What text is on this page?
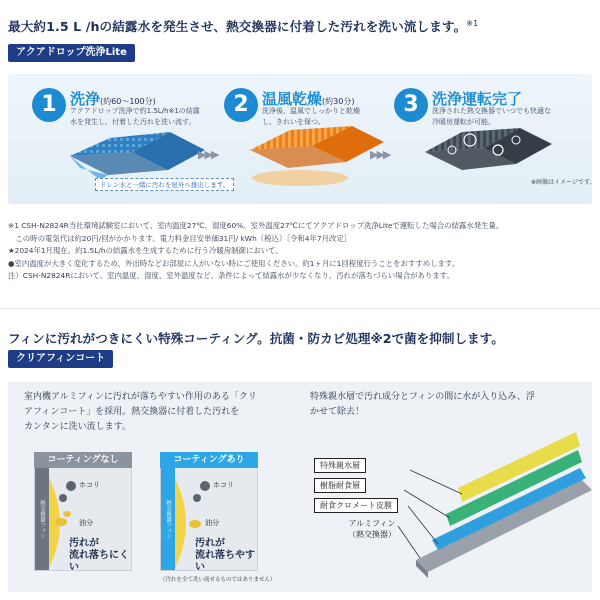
最大約1.5 L /hの結露水を発生させ、熱交換器に付着した汚れを洗い流します。$^{※1}$
アクアドロップ洗浄Lite
1 洗浄(約60〜100分)
アクアドロップ洗浄で約1.5L/h※1の結露水を発生し、付着した汚れを洗い流す。
2 温風乾燥(約30分)
洗浄後、温風でしっかりと乾燥し、きれいを保つ。
3 洗浄運転完了
洗浄された熱交換器でいつでも快適な冷暖房運転が可能。
▶▶▶	▶▶▶
ドレン水と一緒に汚れを屋外へ排出します。	※画像はイメージです。
※1 CSH-N2824R当社環境試験室において、室内温度27℃、湿度60%、室外温度27℃にてアクアドロップ洗浄Liteで運転した場合の結露水発生量。
　この時の電気代は約20円/回がかかります。電力料金目安単価31円/ kWh（税込）［令和4年7月改定］
★2024年1月現在。約1.5L/hの結露水を生成するために行う冷暖房制御において。
●室内温度が大きく変化するため、外出時などお部屋に人がいない時にご使用ください。約1ヶ月に1回程度行うことをおすすめします。
注）CSH-N2824Rにおいて。室内温度、湿度、室外温度など、条件によって結露水が少なくなり、汚れが落ちづらい場合があります。
フィンに汚れがつきにくい特殊コーティング。抗菌・防カビ処理※2で菌を抑制します。
クリアフィンコート
室内機アルミフィンに汚れが落ちやすい作用のある「クリ
アフィンコート」を採用。熱交換器に付着した汚れを
カンタンに洗い流します。
特殊親水層で汚れ成分とフィンの間に水が入り込み、浮
かせて除去！
コーティングなし
熱交換器フィン
ホコリ
油分
汚れが
流れ落ちにくい
コーティングあり
熱交換器フィン
ホコリ
油分
汚れが
流れ落ちやすい
（汚れを全て洗い流せるものではありません）
特殊親水層
樹脂耐食層
耐食クロメート皮膜
アルミフィン
（熱交換器）
